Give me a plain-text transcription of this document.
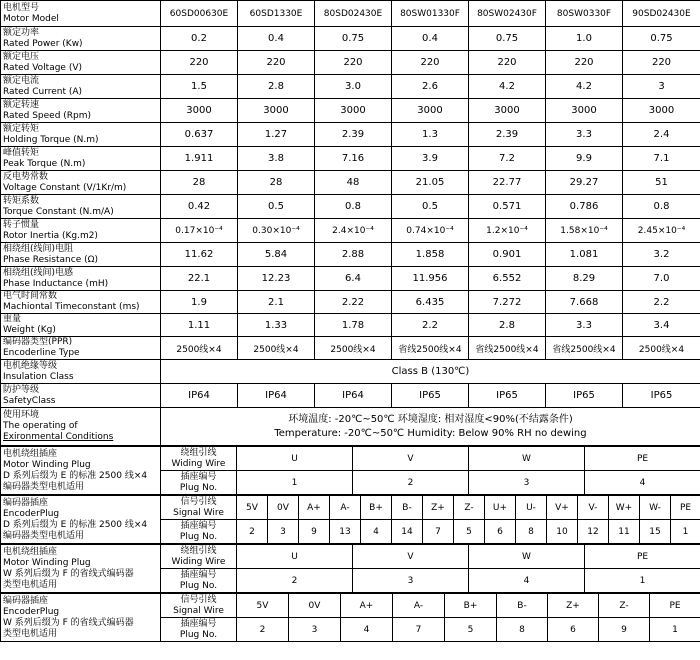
电机型号
Motor Model	60SD00630E	60SD1330E	80SD02430E	80SW01330F	80SW02430F	80SW0330F	90SD02430E

额定功率
Rated Power (Kw)	0.2	0.4	0.75	0.4	0.75	1.0	0.75

额定电压
Rated Voltage (V)	220	220	220	220	220	220	220

额定电流
Rated Current (A)	1.5	2.8	3.0	2.6	4.2	4.2	3

额定转速
Rated Speed (Rpm)	3000	3000	3000	3000	3000	3000	3000

额定转矩
Holding Torque (N.m)	0.637	1.27	2.39	1.3	2.39	3.3	2.4

峰值转矩
Peak Torque (N.m)	1.911	3.8	7.16	3.9	7.2	9.9	7.1

反电势常数
Voltage Constant (V/1Kr/m)	28	28	48	21.05	22.77	29.27	51

转矩系数
Torque Constant (N.m/A)	0.42	0.5	0.8	0.5	0.571	0.786	0.8

转子惯量
Rotor Inertia (Kg.m2)	0.17×10⁻⁴	0.30×10⁻⁴	2.4×10⁻⁴	0.74×10⁻⁴	1.2×10⁻⁴	1.58×10⁻⁴	2.45×10⁻⁴

相绕组(线间)电阻
Phase Resistance (Ω)	11.62	5.84	2.88	1.858	0.901	1.081	3.2

相绕组(线间)电感
Phase Inductance (mH)	22.1	12.23	6.4	11.956	6.552	8.29	7.0

电气时间常数
Machiontal Timeconstant (ms)	1.9	2.1	2.22	6.435	7.272	7.668	2.2

重量
Weight (Kg)	1.11	1.33	1.78	2.2	2.8	3.3	3.4

编码器类型(PPR)
Encoderline Type	2500线×4	2500线×4	2500线×4	省线2500线×4	省线2500线×4	省线2500线×4	2500线×4

电机绝缘等级
Insulation Class	Class B (130℃)						

防护等级
SafetyClass	IP64	IP64	IP64	IP65	IP65	IP65	IP65

使用环境
The operating of
Exironmental Conditions	环境温度: -20℃~50℃ 环境湿度: 相对湿度<90%(不结露条件)
Temperature: -20℃~50℃ Humidity: Below 90% RH no dewing						
电机绕组插座
Motor Winding Plug
D 系列后缀为 E 的标准 2500 线×4
编码器类型电机适用	绕组引线
Widing Wire	U	V	W	PE

	插座编号
Plug No.	1	2	3	4
编码器插座
EncoderPlug
D 系列后缀为 E 的标准 2500 线×4
编码器类型电机适用	信号引线
Signal Wire	5V	0V	A+	A-	B+	B-	Z+	Z-	U+	U-	V+	V-	W+	W-	PE

	插座编号
Plug No.	2	3	9	13	4	14	7	5	6	8	10	12	11	15	1
电机绕组插座
Motor Winding Plug
W 系列后缀为 F 的省线式编码器
类型电机适用	绕组引线
Widing Wire	U	V	W	PE

	插座编号
Plug No.	2	3	4	1
编码器插座
EncoderPlug
W 系列后缀为 F 的省线式编码器
类型电机适用	信号引线
Signal Wire	5V	0V	A+	A-	B+	B-	Z+	Z-	PE

	插座编号
Plug No.	2	3	4	7	5	8	6	9	1
